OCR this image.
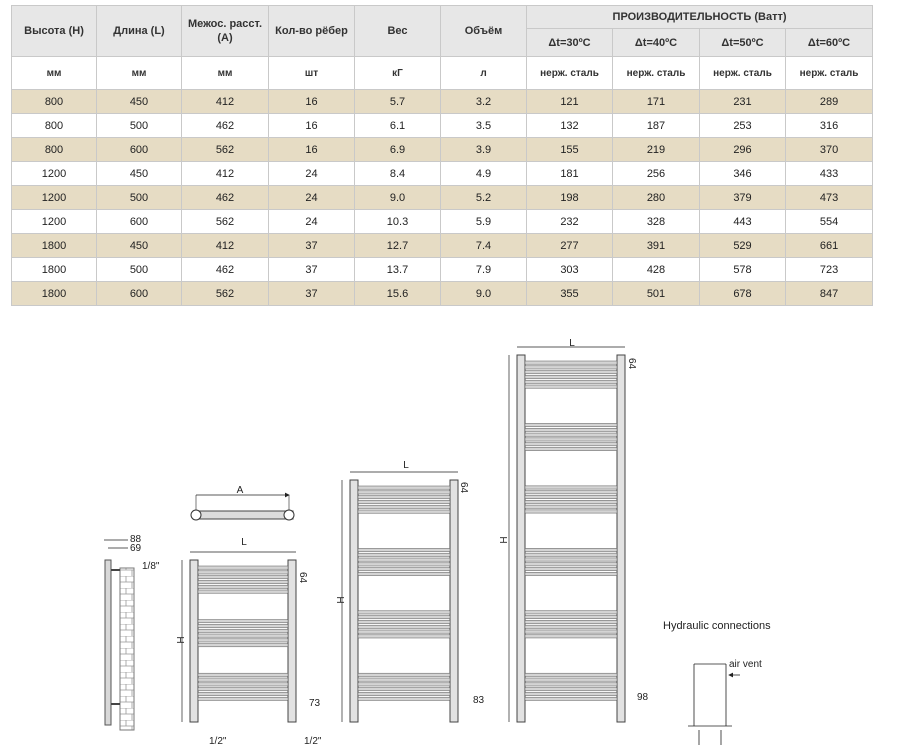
Высота (H)	Длина (L)	Межос. расст. (A)	Кол-во рёбер	Вес	Объём	ПРОИЗВОДИТЕЛЬНОСТЬ (Ватт)			
						Δt=30ºC	Δt=40ºC	Δt=50ºC	Δt=60ºC
мм	мм	мм	шт	кГ	л	нерж. сталь	нерж. сталь	нерж. сталь	нерж. сталь
800	450	412	16	5.7	3.2	121	171	231	289
800	500	462	16	6.1	3.5	132	187	253	316
800	600	562	16	6.9	3.9	155	219	296	370
1200	450	412	24	8.4	4.9	181	256	346	433
1200	500	462	24	9.0	5.2	198	280	379	473
1200	600	562	24	10.3	5.9	232	328	443	554
1800	450	412	37	12.7	7.4	277	391	529	661
1800	500	462	37	13.7	7.9	303	428	578	723
1800	600	562	37	15.6	9.0	355	501	678	847
88
69
1/8"
A
L
H
64
73
1/2"	1/2"
L
H
64
83
L
H
64
98
Hydraulic connections
air vent
